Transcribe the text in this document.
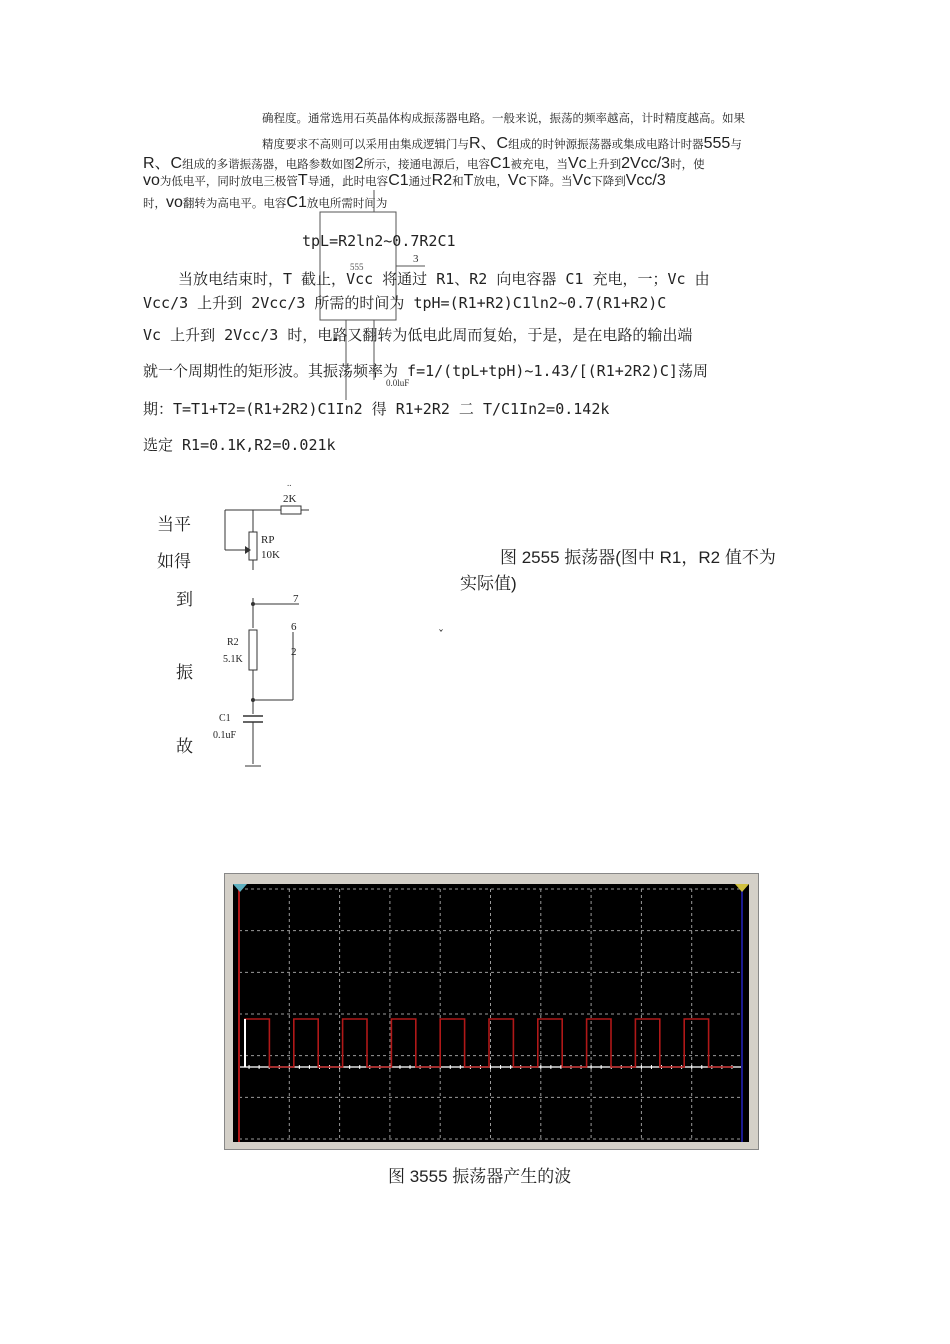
确程度。通常选用石英晶体构成振荡器电路。一般来说，振荡的频率越高，计时精度越高。如果
精度要求不高则可以采用由集成逻辑门与R、C组成的时钟源振荡器或集成电路计时器555与
R、C组成的多谐振荡器，电路参数如图2所示，接通电源后，电容C1被充电，当Vc上升到2Vcc/3时，使
vo为低电平，同时放电三极管T导通，此时电容C1通过R2和T放电，Vc下降。当Vc下降到Vcc/3
时，vo翻转为高电平。电容C1放电所需时间为
555
3
0.0luF
tpL=R2ln2~0.7R2C1
当放电结束时，T 截止，Vcc 将通过 R1、R2 向电容器 C1 充电，一；Vc 由
Vcc/3 上升到 2Vcc/3 所需的时间为 tpH=(R1+R2)C1ln2~0.7(R1+R2)C
Vc 上升到 2Vcc/3 时，电路又翻转为低电此周而复始，于是，是在电路的输出端
就一个周期性的矩形波。其振荡频率为 f=1/(tpL+tpH)~1.43/[(R1+2R2)C]荡周
期：T=T1+T2=(R1+2R2)C1In2 得 R1+2R2 二 T/C1In2=0.142k
选定 R1=0.1K,R2=0.021k
当平
如得
到
振
故
..
2K
RP
10K
7
R2
5.1K
6
2
C1
0.1uF
图 2555 振荡器(图中 R1，R2 值不为
实际值)
ˇ
图 3555 振荡器产生的波
